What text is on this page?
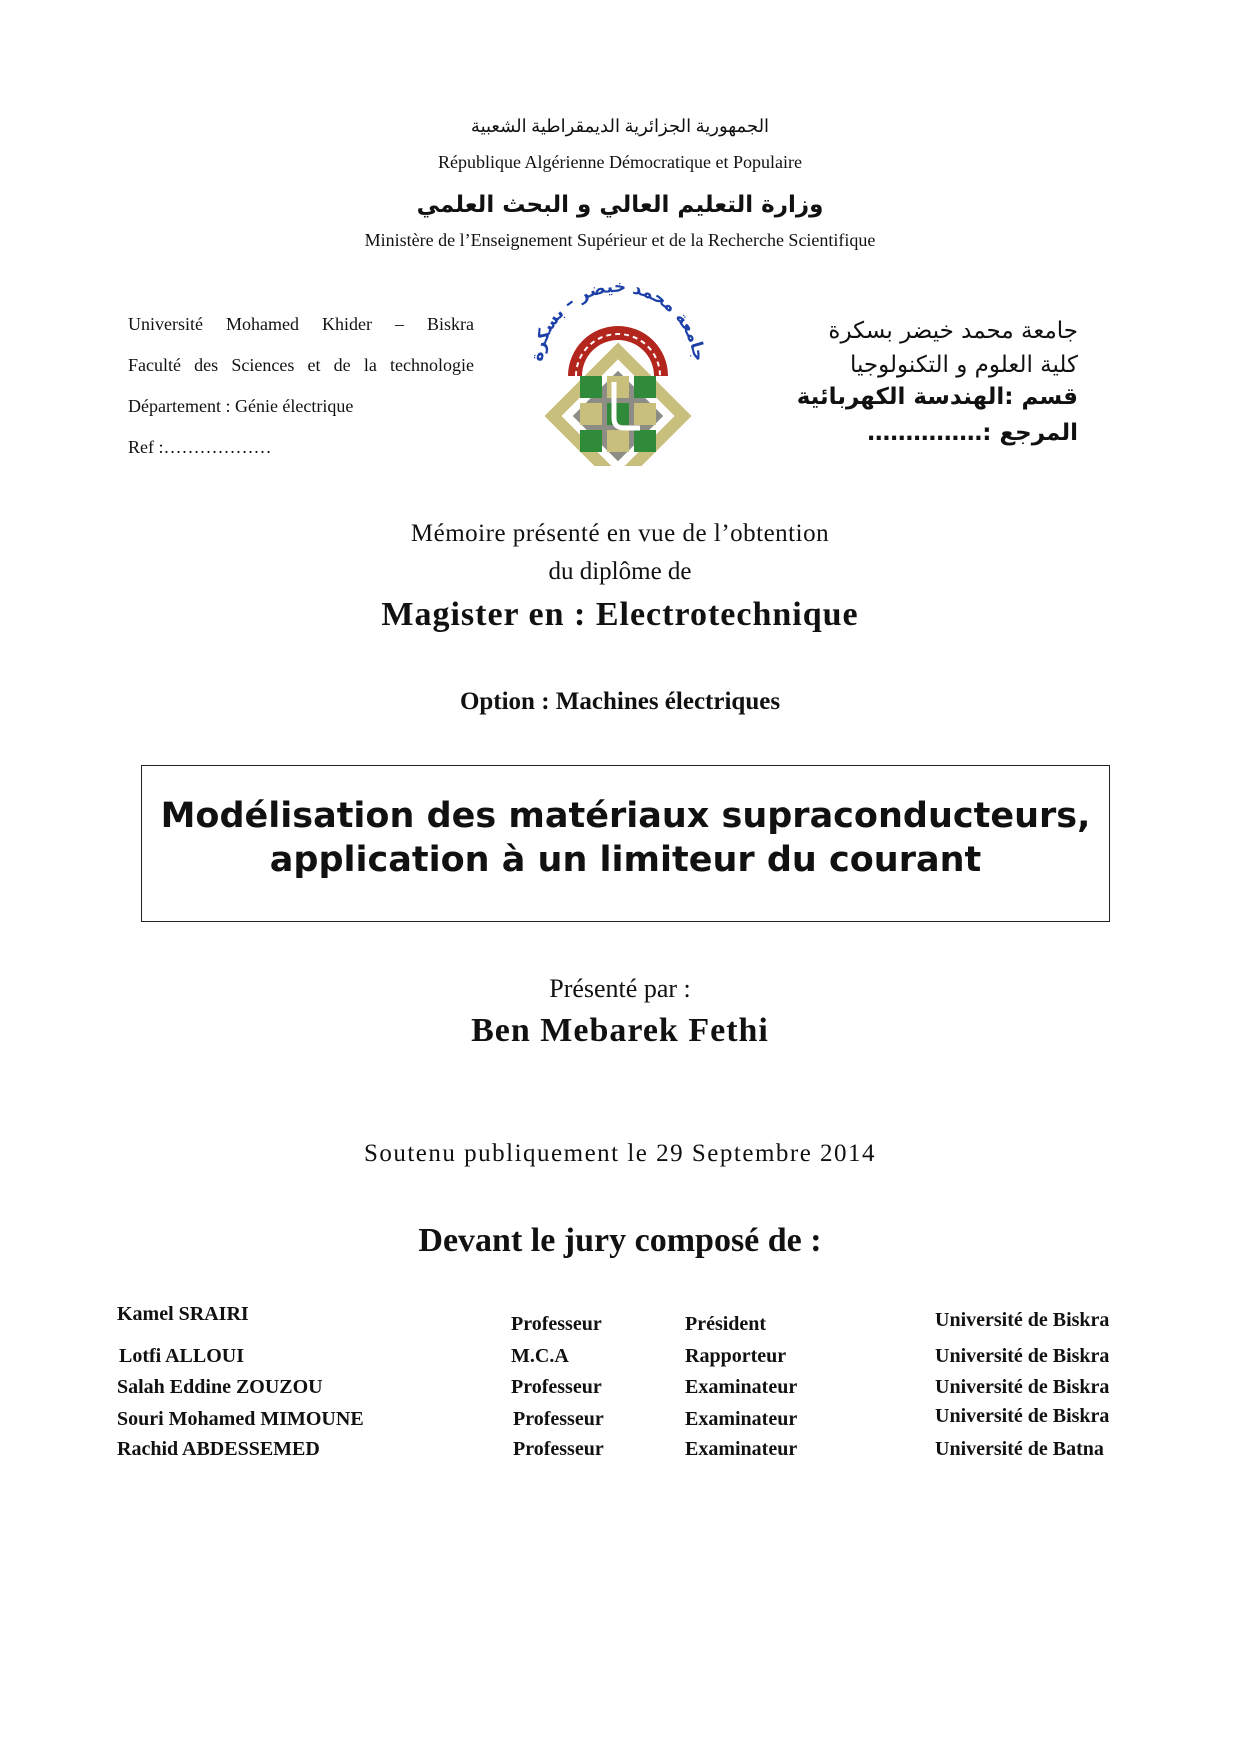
الجمهورية الجزائرية الديمقراطية الشعبية
République Algérienne Démocratique et Populaire
وزارة التعليم العالي و البحث العلمي
Ministère de l’Enseignement Supérieur et de la Recherche Scientifique
Université Mohamed Khider – Biskra
Faculté des Sciences et de la technologie
Département : Génie électrique
Ref :………………
جامعة محمد خيضر بسكرة
كلية العلوم و التكنولوجيا
قسم :الهندسة الكهربائية
المرجع :……………
جامعة محمد خيضر – بسكرة
Mémoire présenté en vue de l’obtention
du diplôme de
Magister en : Electrotechnique
Option : Machines électriques
Modélisation des matériaux supraconducteurs,
application à un limiteur du courant
Présenté par :
Ben Mebarek Fethi
Soutenu publiquement le 29 Septembre 2014
Devant le jury composé de :
Kamel SRAIRI	Professeur	Président	Université de Biskra
Lotfi ALLOUI	M.C.A	Rapporteur	Université de Biskra
Salah Eddine ZOUZOU	Professeur	Examinateur	Université de Biskra
Souri Mohamed MIMOUNE	Professeur	Examinateur	Université de Biskra
Rachid ABDESSEMED	Professeur	Examinateur	Université de Batna
